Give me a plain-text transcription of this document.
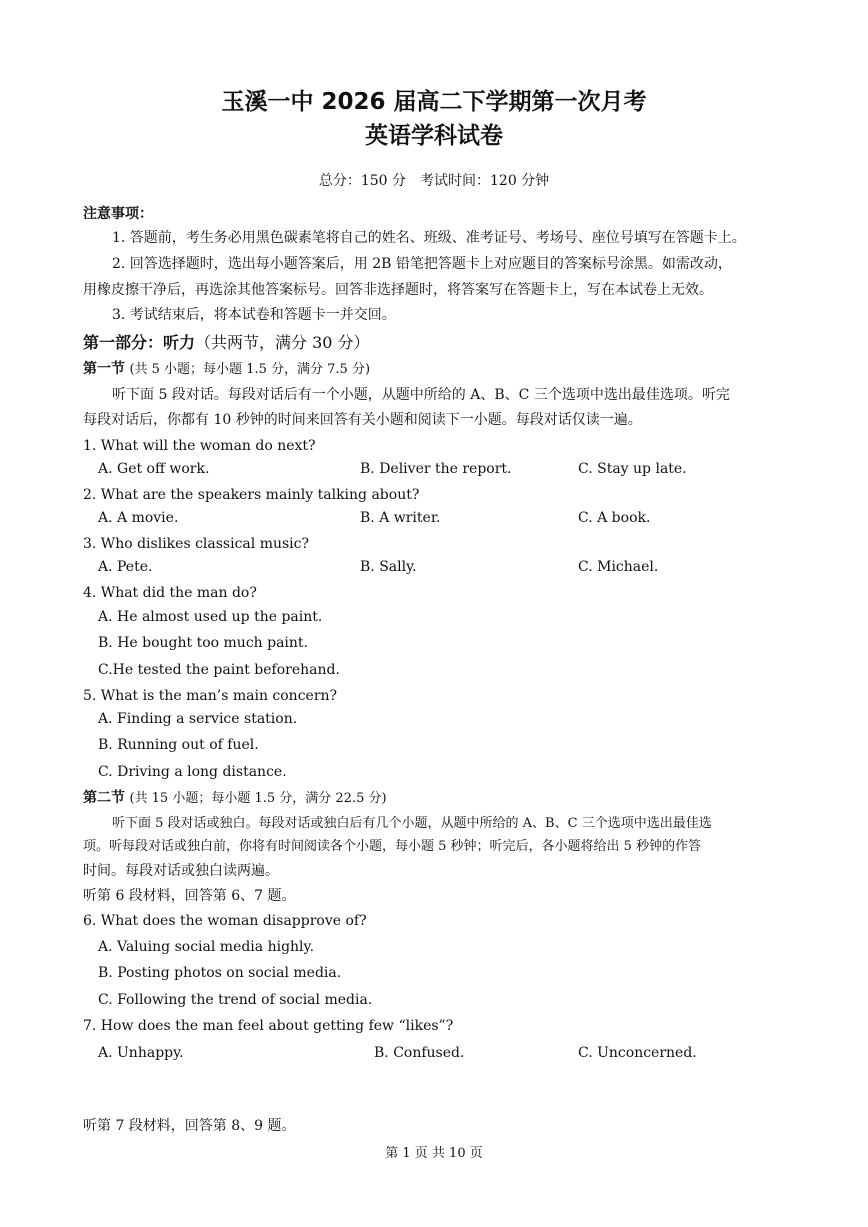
玉溪一中 2026 届高二下学期第一次月考
英语学科试卷
总分：150 分　考试时间：120 分钟
注意事项：
1. 答题前，考生务必用黑色碳素笔将自己的姓名、班级、准考证号、考场号、座位号填写在答题卡上。
2. 回答选择题时，选出每小题答案后，用 2B 铅笔把答题卡上对应题目的答案标号涂黑。如需改动，
用橡皮擦干净后，再选涂其他答案标号。回答非选择题时，将答案写在答题卡上，写在本试卷上无效。
3. 考试结束后，将本试卷和答题卡一并交回。
第一部分：听力（共两节，满分 30 分）
第一节 (共 5 小题；每小题 1.5 分，满分 7.5 分)
听下面 5 段对话。每段对话后有一个小题，从题中所给的 A、B、C 三个选项中选出最佳选项。听完
每段对话后，你都有 10 秒钟的时间来回答有关小题和阅读下一小题。每段对话仅读一遍。
1. What will the woman do next?
A. Get off work.	B. Deliver the report.	C. Stay up late.
2. What are the speakers mainly talking about?
A. A movie.	B. A writer.	C. A book.
3. Who dislikes classical music?
A. Pete.	B. Sally.	C. Michael.
4. What did the man do?
A. He almost used up the paint.
B. He bought too much paint.
C.He tested the paint beforehand.
5. What is the man’s main concern?
A. Finding a service station.
B. Running out of fuel.
C. Driving a long distance.
第二节 (共 15 小题；每小题 1.5 分，满分 22.5 分)
听下面 5 段对话或独白。每段对话或独白后有几个小题，从题中所给的 A、B、C 三个选项中选出最佳选
项。听每段对话或独白前，你将有时间阅读各个小题，每小题 5 秒钟；听完后，各小题将给出 5 秒钟的作答
时间。每段对话或独白读两遍。
听第 6 段材料，回答第 6、7 题。
6. What does the woman disapprove of?
A. Valuing social media highly.
B. Posting photos on social media.
C. Following the trend of social media.
7. How does the man feel about getting few “likes”?
A. Unhappy.	B. Confused.	C. Unconcerned.
听第 7 段材料，回答第 8、9 题。
第 1 页 共 10 页
